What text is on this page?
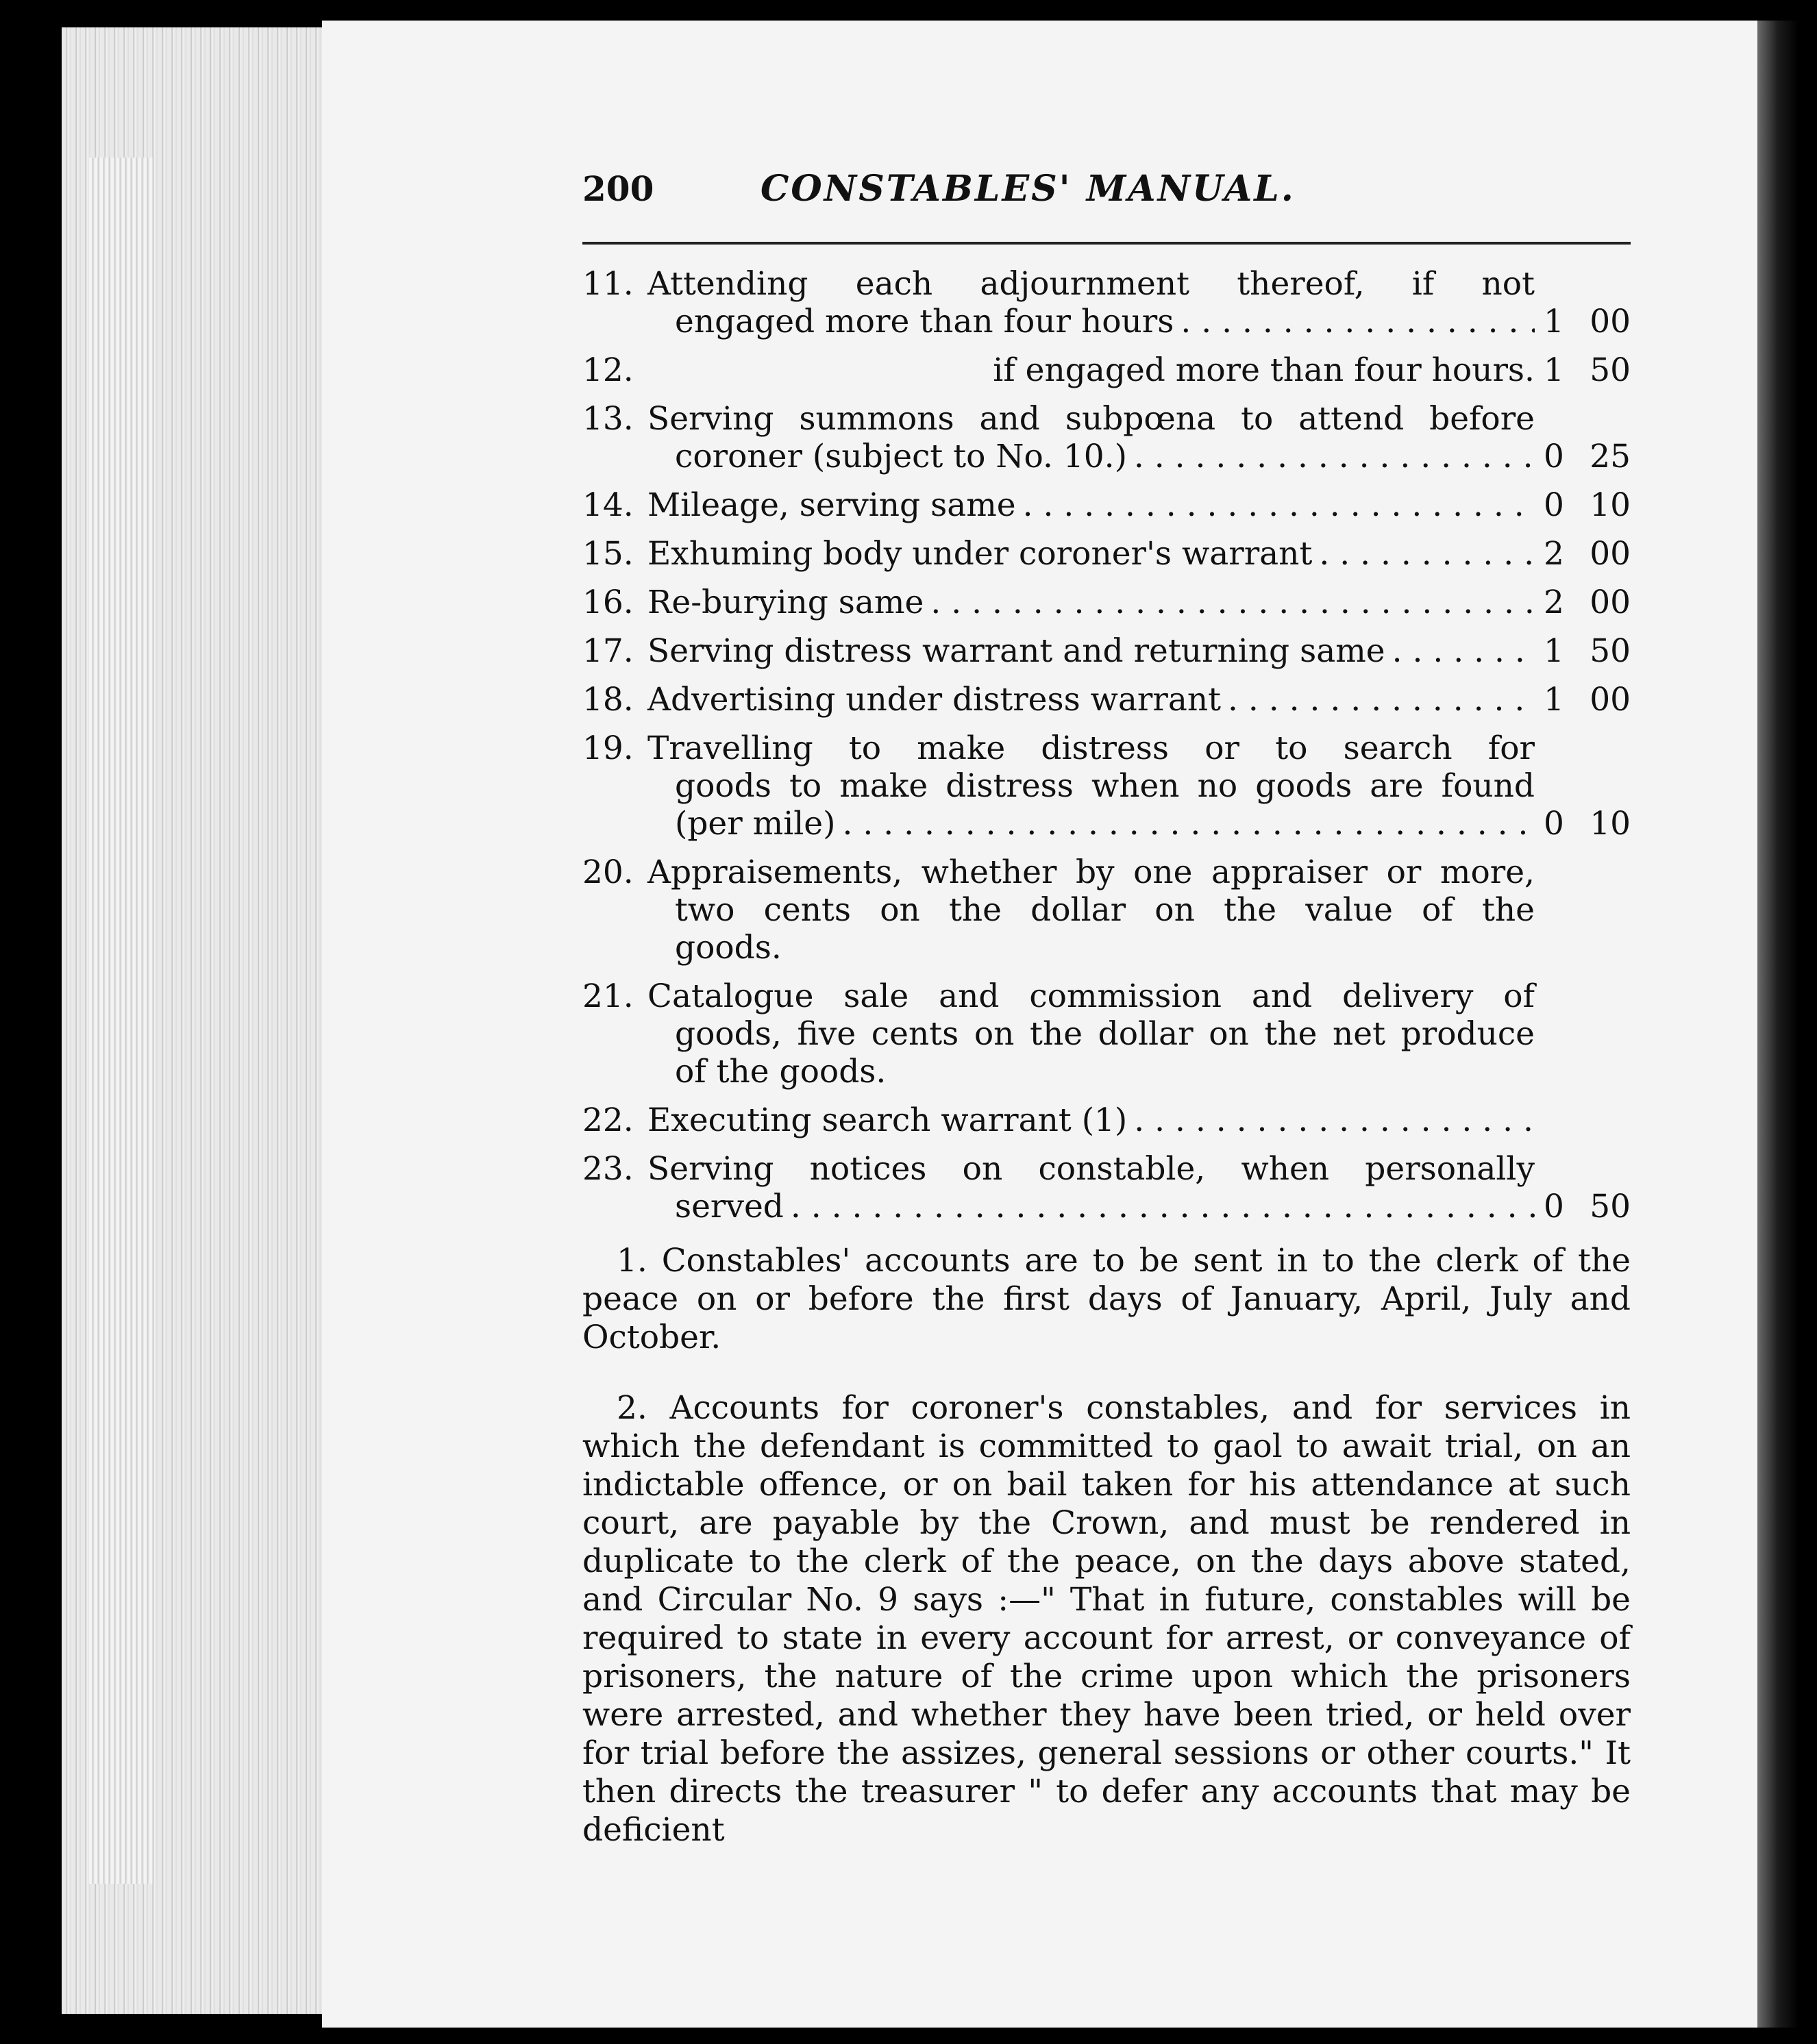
200	CONSTABLES' MANUAL.
11. Attending each adjournment thereof, if not
engaged more than four hours . . .	1 00
12.	if engaged more than four hours. 1 50
13. Serving summons and subpœna to attend before
coroner (subject to No. 10.) . . .	0 25
14. Mileage, serving same . . .	0 10
15. Exhuming body under coroner's warrant . . .	2 00
16. Re-burying same . . .	2 00
17. Serving distress warrant and returning same . . .	1 50
18. Advertising under distress warrant . . .	1 00
19. Travelling to make distress or to search for
goods to make distress when no goods are found
(per mile) . . .	0 10
20. Appraisements, whether by one appraiser or more,
two cents on the dollar on the value of the
goods.
21. Catalogue sale and commission and delivery of
goods, five cents on the dollar on the net produce
of the goods.
22. Executing search warrant (1)
. . .
23. Serving notices on constable, when personally
served . . .	0 50

1. Constables' accounts are to be sent in to the clerk of the peace on or before the first days of January, April, July and October.

2. Accounts for coroner's constables, and for services in which the defendant is committed to gaol to await trial, on an indictable offence, or on bail taken for his attendance at such court, are payable by the Crown, and must be rendered in duplicate to the clerk of the peace, on the days above stated, and Circular No. 9 says :—" That in future, constables will be required to state in every account for arrest, or conveyance of prisoners, the nature of the crime upon which the prisoners were arrested, and whether they have been tried, or held over for trial before the assizes, general sessions or other courts." It then directs the treasurer " to defer any accounts that may be deficient
